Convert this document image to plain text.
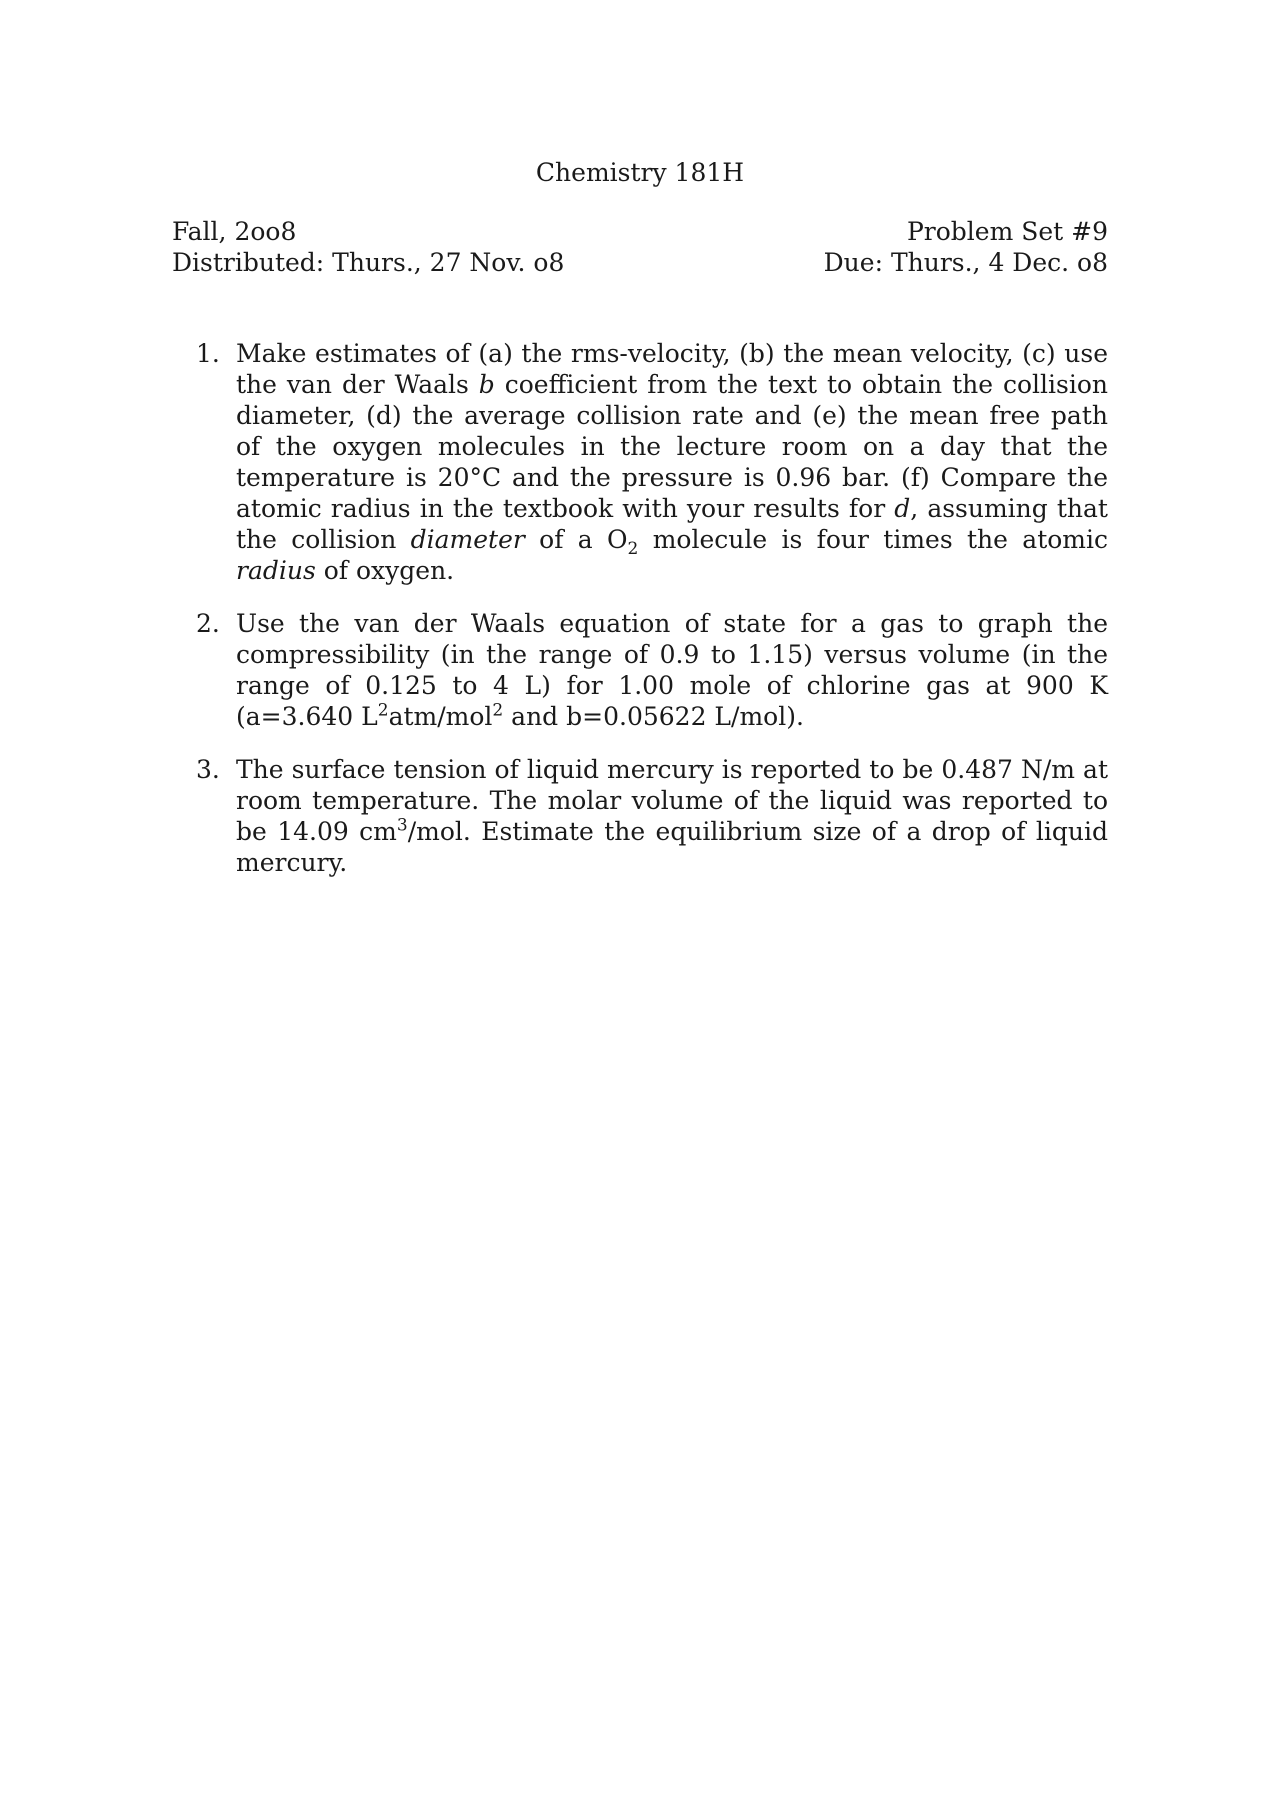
Chemistry 181H
Fall, 2oo8
Distributed: Thurs., 27 Nov. o8
Problem Set #9
Due: Thurs., 4 Dec. o8
1. Make estimates of (a) the rms-velocity, (b) the mean velocity, (c) use the van der Waals b coefficient from the text to obtain the collision diameter, (d) the average collision rate and (e) the mean free path of the oxygen molecules in the lecture room on a day that the temperature is 20°C and the pressure is 0.96 bar. (f) Compare the atomic radius in the textbook with your results for d, assuming that the collision diameter of a $O_2$ molecule is four times the atomic radius of oxygen.
2. Use the van der Waals equation of state for a gas to graph the compressibility (in the range of 0.9 to 1.15) versus volume (in the range of 0.125 to 4 L) for 1.00 mole of chlorine gas at 900 K (a=3.640 $L^2atm/mol^2$ and b=0.05622 L/mol).
3. The surface tension of liquid mercury is reported to be 0.487 N/m at room temperature. The molar volume of the liquid was reported to be 14.09 $cm^3$/mol. Estimate the equilibrium size of a drop of liquid mercury.
